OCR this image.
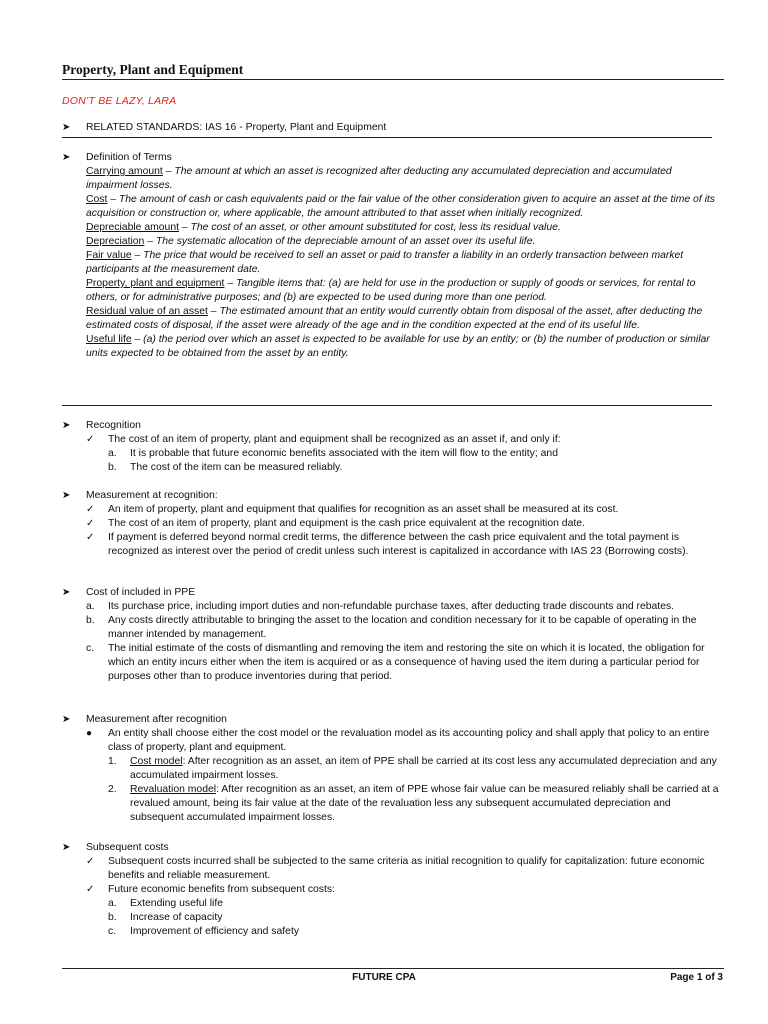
Property, Plant and Equipment
DON’T BE LAZY, LARA
➤	RELATED STANDARDS: IAS 16 - Property, Plant and Equipment
➤	Definition of Terms
Carrying amount – The amount at which an asset is recognized after deducting any accumulated depreciation and accumulated impairment losses.
Cost – The amount of cash or cash equivalents paid or the fair value of the other consideration given to acquire an asset at the time of its acquisition or construction or, where applicable, the amount attributed to that asset when initially recognized.
Depreciable amount – The cost of an asset, or other amount substituted for cost, less its residual value.
Depreciation – The systematic allocation of the depreciable amount of an asset over its useful life.
Fair value – The price that would be received to sell an asset or paid to transfer a liability in an orderly transaction between market participants at the measurement date.
Property, plant and equipment – Tangible items that: (a) are held for use in the production or supply of goods or services, for rental to others, or for administrative purposes; and (b) are expected to be used during more than one period.
Residual value of an asset – The estimated amount that an entity would currently obtain from disposal of the asset, after deducting the estimated costs of disposal, if the asset were already of the age and in the condition expected at the end of its useful life.
Useful life – (a) the period over which an asset is expected to be available for use by an entity; or (b) the number of production or similar units expected to be obtained from the asset by an entity.
➤	Recognition
✓	The cost of an item of property, plant and equipment shall be recognized as an asset if, and only if:
a.	It is probable that future economic benefits associated with the item will flow to the entity; and
b.	The cost of the item can be measured reliably.
➤	Measurement at recognition:
✓	An item of property, plant and equipment that qualifies for recognition as an asset shall be measured at its cost.
✓	The cost of an item of property, plant and equipment is the cash price equivalent at the recognition date.
✓	If payment is deferred beyond normal credit terms, the difference between the cash price equivalent and the total payment is recognized as interest over the period of credit unless such interest is capitalized in accordance with IAS 23 (Borrowing costs).
➤	Cost of included in PPE
a.	Its purchase price, including import duties and non-refundable purchase taxes, after deducting trade discounts and rebates.
b.	Any costs directly attributable to bringing the asset to the location and condition necessary for it to be capable of operating in the manner intended by management.
c.	The initial estimate of the costs of dismantling and removing the item and restoring the site on which it is located, the obligation for which an entity incurs either when the item is acquired or as a consequence of having used the item during a particular period for purposes other than to produce inventories during that period.
➤	Measurement after recognition
●	An entity shall choose either the cost model or the revaluation model as its accounting policy and shall apply that policy to an entire class of property, plant and equipment.
1.	Cost model: After recognition as an asset, an item of PPE shall be carried at its cost less any accumulated depreciation and any accumulated impairment losses.
2.	Revaluation model: After recognition as an asset, an item of PPE whose fair value can be measured reliably shall be carried at a revalued amount, being its fair value at the date of the revaluation less any subsequent accumulated depreciation and subsequent accumulated impairment losses.
➤	Subsequent costs
✓	Subsequent costs incurred shall be subjected to the same criteria as initial recognition to qualify for capitalization: future economic benefits and reliable measurement.
✓	Future economic benefits from subsequent costs:
a.	Extending useful life
b.	Increase of capacity
c.	Improvement of efficiency and safety
FUTURE CPA	Page 1 of 3
